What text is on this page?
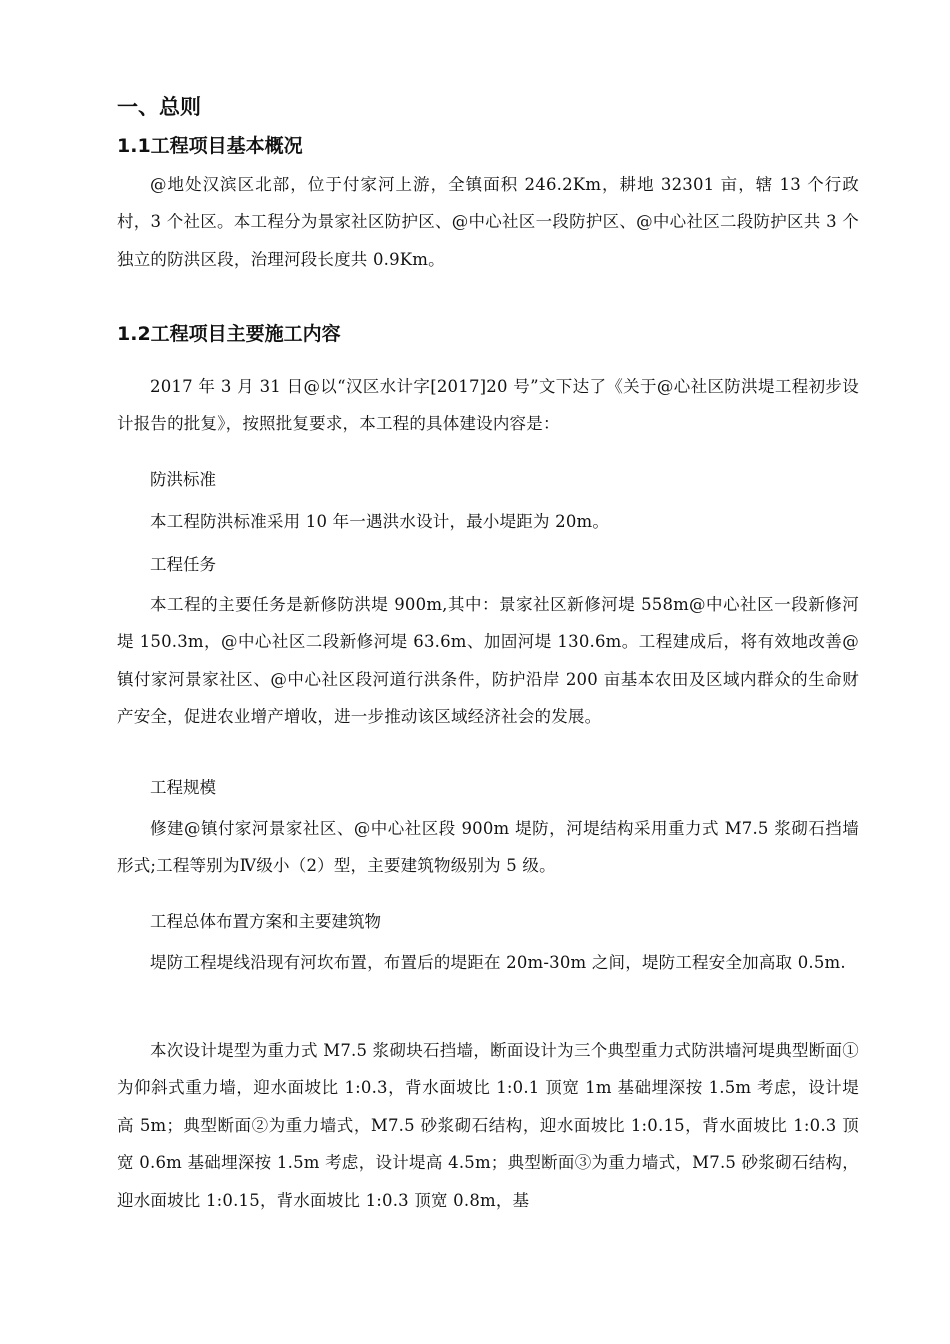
一、总则
1.1工程项目基本概况

@地处汉滨区北部，位于付家河上游，全镇面积 246.2Km，耕地 32301 亩，辖 13 个行政村，3 个社区。本工程分为景家社区防护区、@中心社区一段防护区、@中心社区二段防护区共 3 个独立的防洪区段，治理河段长度共 0.9Km。

1.2工程项目主要施工内容

2017 年 3 月 31 日@以“汉区水计字[2017]20 号”文下达了《关于@心社区防洪堤工程初步设计报告的批复》，按照批复要求，本工程的具体建设内容是：

防洪标准

本工程防洪标准采用 10 年一遇洪水设计，最小堤距为 20m。

工程任务

本工程的主要任务是新修防洪堤 900m,其中：景家社区新修河堤 558m@中心社区一段新修河堤 150.3m，@中心社区二段新修河堤 63.6m、加固河堤 130.6m。工程建成后，将有效地改善@镇付家河景家社区、@中心社区段河道行洪条件，防护沿岸 200 亩基本农田及区域内群众的生命财产安全，促进农业增产增收，进一步推动该区域经济社会的发展。

工程规模

修建@镇付家河景家社区、@中心社区段 900m 堤防，河堤结构采用重力式 M7.5 浆砌石挡墙形式;工程等别为Ⅳ级小（2）型，主要建筑物级别为 5 级。

工程总体布置方案和主要建筑物

堤防工程堤线沿现有河坎布置，布置后的堤距在 20m-30m 之间，堤防工程安全加高取 0.5m.

本次设计堤型为重力式 M7.5 浆砌块石挡墙，断面设计为三个典型重力式防洪墙河堤典型断面①为仰斜式重力墙，迎水面坡比 1:0.3，背水面坡比 1:0.1 顶宽 1m 基础埋深按 1.5m 考虑，设计堤高 5m；典型断面②为重力墙式，M7.5 砂浆砌石结构，迎水面坡比 1:0.15，背水面坡比 1:0.3 顶宽 0.6m 基础埋深按 1.5m 考虑，设计堤高 4.5m；典型断面③为重力墙式，M7.5 砂浆砌石结构，迎水面坡比 1:0.15，背水面坡比 1:0.3 顶宽 0.8m，基
